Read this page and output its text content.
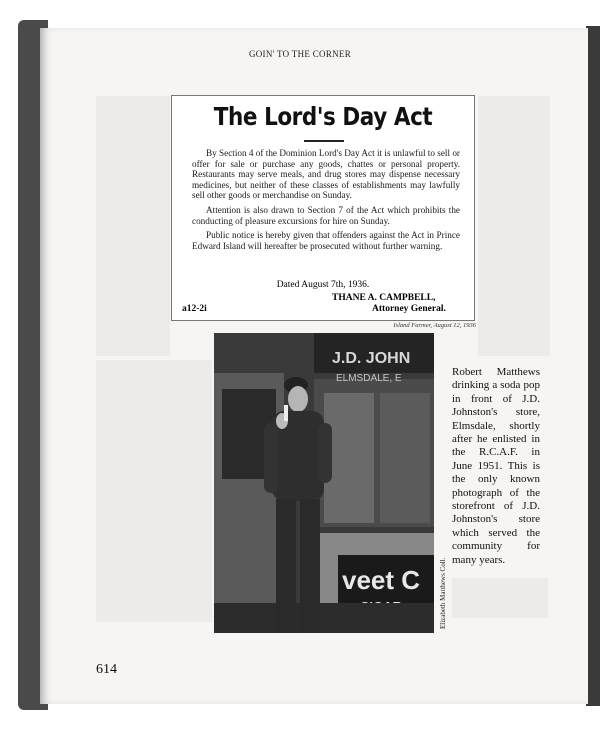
GOIN' TO THE CORNER
The Lord's Day Act

By Section 4 of the Dominion Lord's Day Act it is unlawful to sell or offer for sale or purchase any goods, chattes or personal property. Restaurants may serve meals, and drug stores may dispense necessary medicines, but neither of these classes of establishments may lawfully sell other goods or merchandise on Sunday.

Attention is also drawn to Section 7 of the Act which prohibits the conducting of pleasure excursions for hire on Sunday.

Public notice is hereby given that offenders against the Act in Prince Edward Island will hereafter be prosecuted without further warning.

Dated August 7th, 1936.
THANE A. CAMPBELL,
Attorney General.
a12-2i
Island Farmer, August 12, 1936
J.D. JOHN
ELMSDALE, E
veet C	Elizabeth Matthews Coll.
Robert Matthews drinking a soda pop in front of J.D. Johnston's store, Elmsdale, shortly after he enlisted in the R.C.A.F. in June 1951. This is the only known photograph of the storefront of J.D. Johnston's store which served the community for many years.
614
